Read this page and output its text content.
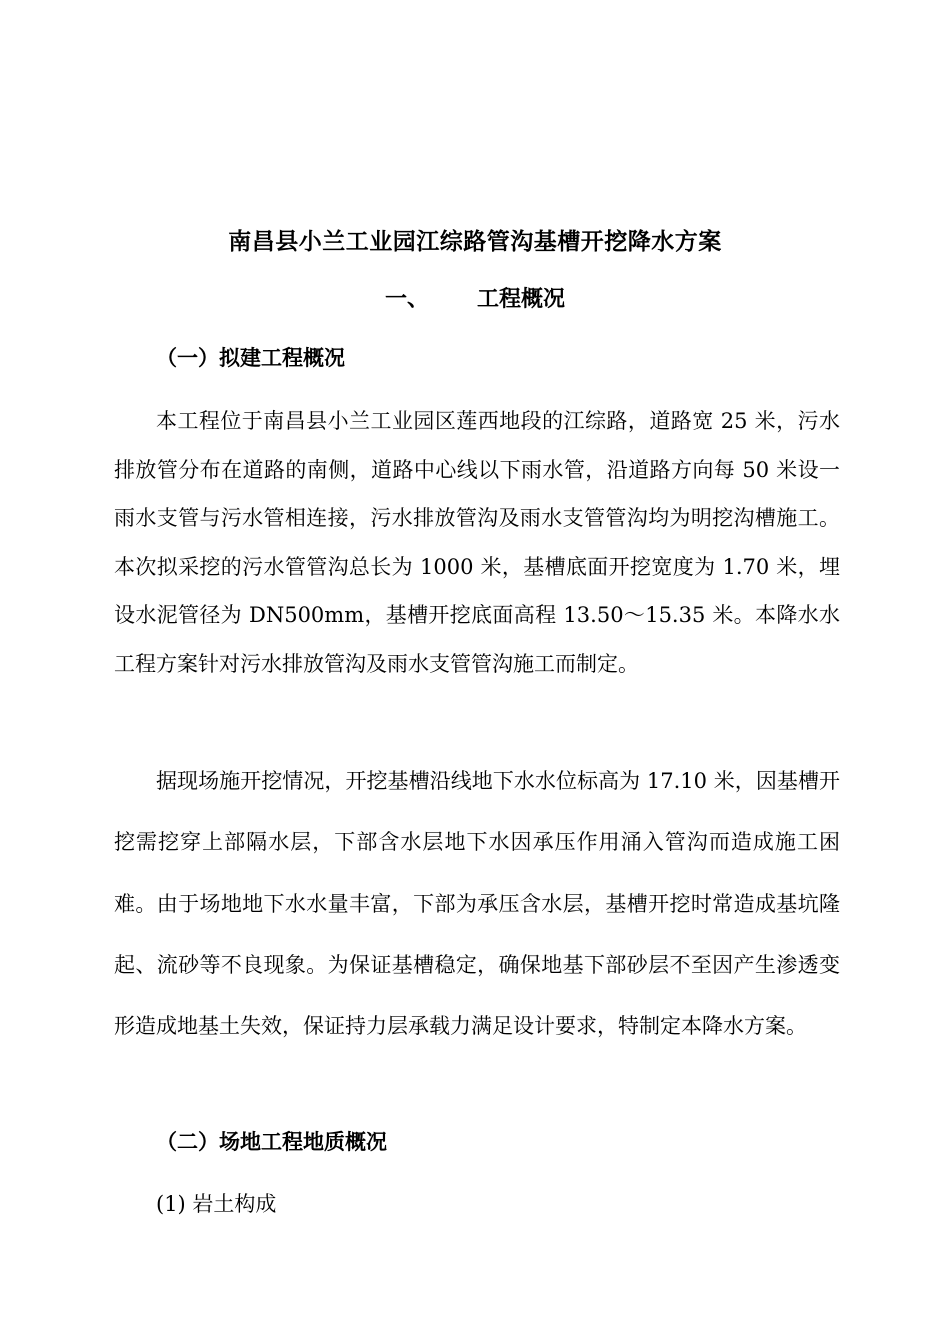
南昌县小兰工业园江综路管沟基槽开挖降水方案
一、 工程概况
（一）拟建工程概况

本工程位于南昌县小兰工业园区莲西地段的江综路，道路宽 25 米，污水排放管分布在道路的南侧，道路中心线以下雨水管，沿道路方向每 50 米设一雨水支管与污水管相连接，污水排放管沟及雨水支管管沟均为明挖沟槽施工。本次拟采挖的污水管管沟总长为 1000 米，基槽底面开挖宽度为 1.70 米，埋设水泥管径为 DN500mm，基槽开挖底面高程 13.50～15.35 米。本降水水工程方案针对污水排放管沟及雨水支管管沟施工而制定。

据现场施开挖情况，开挖基槽沿线地下水水位标高为 17.10 米，因基槽开挖需挖穿上部隔水层，下部含水层地下水因承压作用涌入管沟而造成施工困难。由于场地地下水水量丰富，下部为承压含水层，基槽开挖时常造成基坑隆起、流砂等不良现象。为保证基槽稳定，确保地基下部砂层不至因产生渗透变形造成地基土失效，保证持力层承载力满足设计要求，特制定本降水方案。

（二）场地工程地质概况
(1) 岩土构成
